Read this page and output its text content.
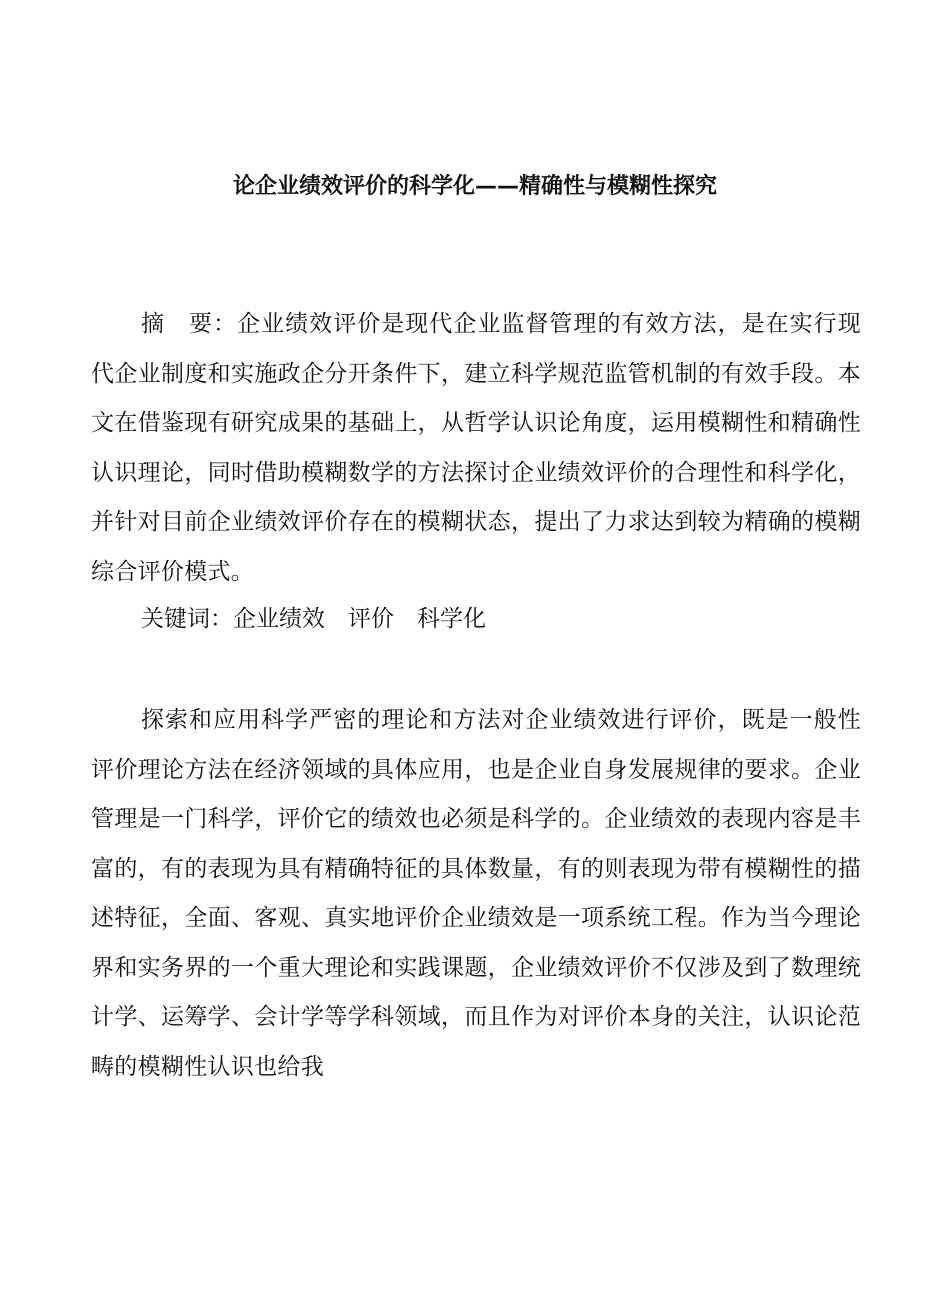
论企业绩效评价的科学化——精确性与模糊性探究

摘　要：企业绩效评价是现代企业监督管理的有效方法，是在实行现代企业制度和实施政企分开条件下，建立科学规范监管机制的有效手段。本文在借鉴现有研究成果的基础上，从哲学认识论角度，运用模糊性和精确性认识理论，同时借助模糊数学的方法探讨企业绩效评价的合理性和科学化，并针对目前企业绩效评价存在的模糊状态，提出了力求达到较为精确的模糊综合评价模式。

关键词：企业绩效　评价　科学化

探索和应用科学严密的理论和方法对企业绩效进行评价，既是一般性评价理论方法在经济领域的具体应用，也是企业自身发展规律的要求。企业管理是一门科学，评价它的绩效也必须是科学的。企业绩效的表现内容是丰富的，有的表现为具有精确特征的具体数量，有的则表现为带有模糊性的描述特征，全面、客观、真实地评价企业绩效是一项系统工程。作为当今理论界和实务界的一个重大理论和实践课题，企业绩效评价不仅涉及到了数理统计学、运筹学、会计学等学科领域，而且作为对评价本身的关注，认识论范畴的模糊性认识也给我
